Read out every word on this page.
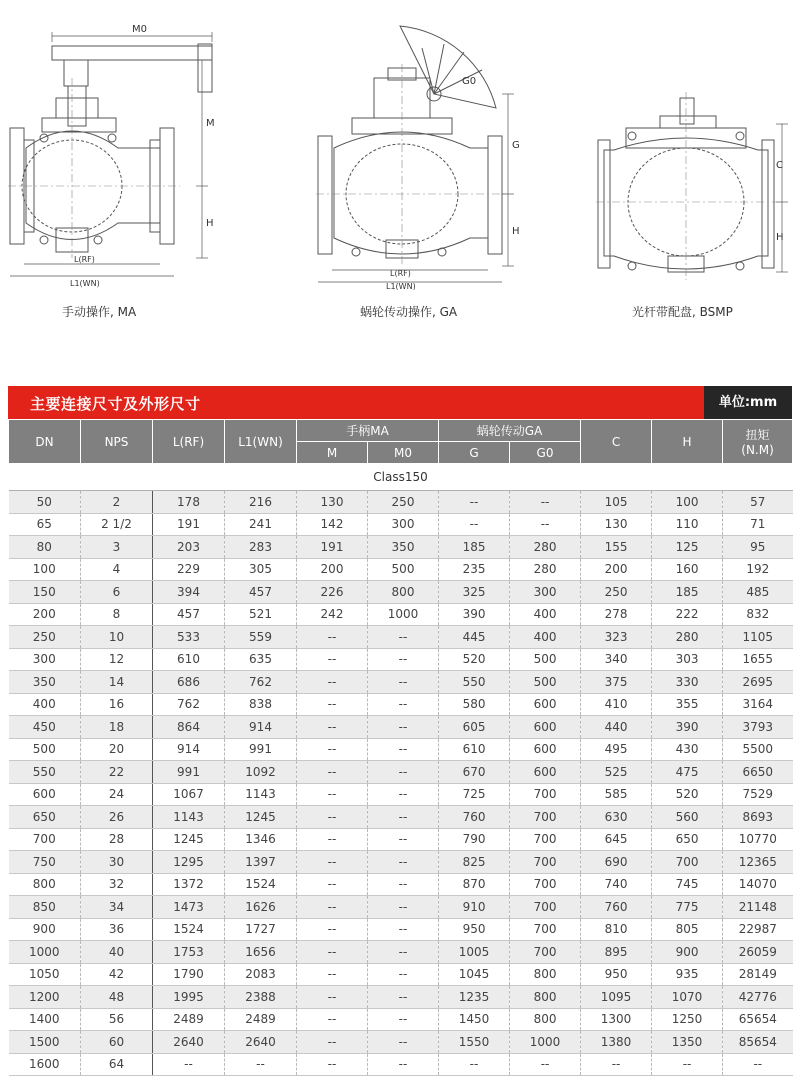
M0
M
H
L(RF)
L1(WN)
G0
G
H
L(RF)
L1(WN)
C
H
手动操作, MA	蜗轮传动操作, GA	光杆带配盘, BSMP
主要连接尺寸及外形尺寸	单位:mm
DN	NPS	L(RF)	L1(WN)	手柄MA		蜗轮传动GA		C	H	扭矩
(N.M)

				M	M0	G	G0			
Class150										
50	2	178	216	130	250	--	--	105	100	57
65	2 1/2	191	241	142	300	--	--	130	110	71
80	3	203	283	191	350	185	280	155	125	95
100	4	229	305	200	500	235	280	200	160	192
150	6	394	457	226	800	325	300	250	185	485
200	8	457	521	242	1000	390	400	278	222	832
250	10	533	559	--	--	445	400	323	280	1105
300	12	610	635	--	--	520	500	340	303	1655
350	14	686	762	--	--	550	500	375	330	2695
400	16	762	838	--	--	580	600	410	355	3164
450	18	864	914	--	--	605	600	440	390	3793
500	20	914	991	--	--	610	600	495	430	5500
550	22	991	1092	--	--	670	600	525	475	6650
600	24	1067	1143	--	--	725	700	585	520	7529
650	26	1143	1245	--	--	760	700	630	560	8693
700	28	1245	1346	--	--	790	700	645	650	10770
750	30	1295	1397	--	--	825	700	690	700	12365
800	32	1372	1524	--	--	870	700	740	745	14070
850	34	1473	1626	--	--	910	700	760	775	21148
900	36	1524	1727	--	--	950	700	810	805	22987
1000	40	1753	1656	--	--	1005	700	895	900	26059
1050	42	1790	2083	--	--	1045	800	950	935	28149
1200	48	1995	2388	--	--	1235	800	1095	1070	42776
1400	56	2489	2489	--	--	1450	800	1300	1250	65654
1500	60	2640	2640	--	--	1550	1000	1380	1350	85654
1600	64	--	--	--	--	--	--	--	--	--
